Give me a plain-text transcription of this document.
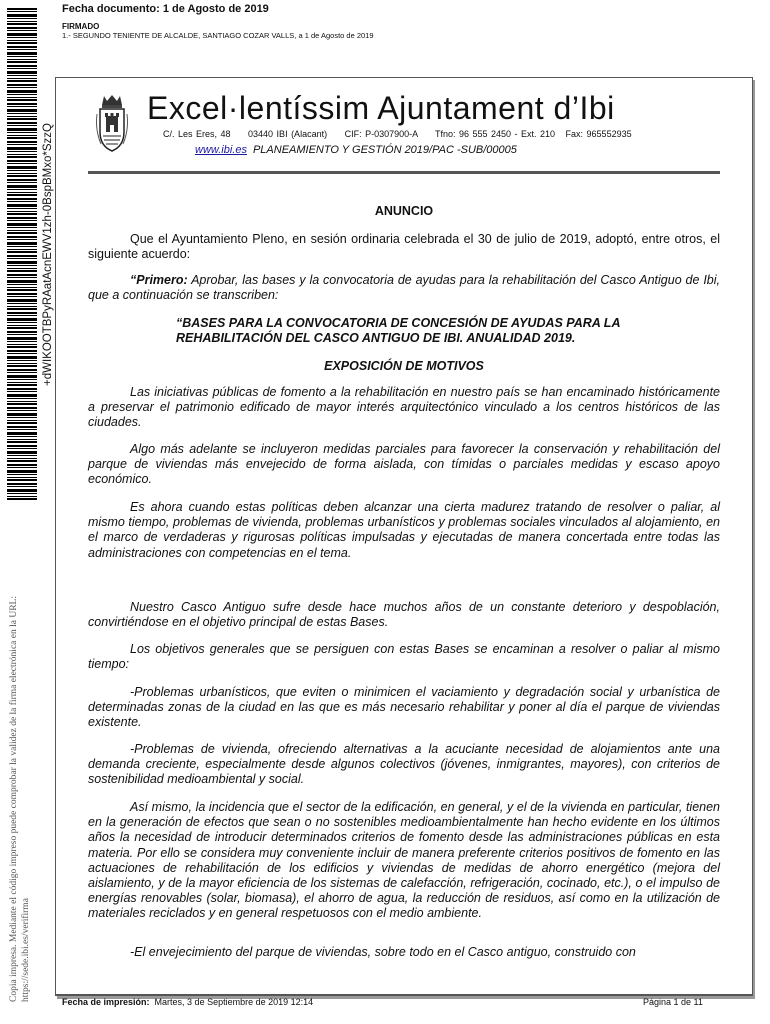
Fecha documento: 1 de Agosto de 2019
FIRMADO
1.- SEGUNDO TENIENTE DE ALCALDE, SANTIAGO COZAR VALLS, a 1 de Agosto de 2019
+dWIKOOTBPyRAatAcnEWV1zh-0BspBMxo*SzzQ
Copia impresa. Mediante el código impreso puede comprobar la validez de la firma electrónica en la URL: https://sede.ibi.es/verifirma
Excel·lentíssim Ajuntament d’Ibi
C/. Les Eres, 48     03440 IBI (Alacant)     CIF: P-0307900-A     Tfno: 96 555 2450 - Ext. 210   Fax: 965552935
www.ibi.es PLANEAMIENTO Y GESTIÓN 2019/PAC -SUB/00005
ANUNCIO
Que el Ayuntamiento Pleno, en sesión ordinaria celebrada el 30 de julio de 2019, adoptó, entre otros, el siguiente acuerdo:
“Primero: Aprobar, las bases y la convocatoria de ayudas para la rehabilitación del Casco Antiguo de Ibi, que a continuación se transcriben:
“BASES PARA LA CONVOCATORIA DE CONCESIÓN DE AYUDAS PARA LA REHABILITACIÓN DEL CASCO ANTIGUO DE IBI. ANUALIDAD 2019.
EXPOSICIÓN DE MOTIVOS
Las iniciativas públicas de fomento a la rehabilitación en nuestro país se han encaminado históricamente a preservar el patrimonio edificado de mayor interés arquitectónico vinculado a los centros históricos de las ciudades.
Algo más adelante se incluyeron medidas parciales para favorecer la conservación y rehabilitación del parque de viviendas más envejecido de forma aislada, con tímidas o parciales medidas y escaso apoyo económico.
Es ahora cuando estas políticas deben alcanzar una cierta madurez tratando de resolver o paliar, al mismo tiempo, problemas de vivienda, problemas urbanísticos y problemas sociales vinculados al alojamiento, en el marco de verdaderas y rigurosas políticas impulsadas y ejecutadas de manera concertada entre todas las administraciones con competencias en el tema.
Nuestro Casco Antiguo sufre desde hace muchos años de un constante deterioro y despoblación, convirtiéndose en el objetivo principal de estas Bases.
Los objetivos generales que se persiguen con estas Bases se encaminan a resolver o paliar al mismo tiempo:
-Problemas urbanísticos, que eviten o minimicen el vaciamiento y degradación social y urbanística de determinadas zonas de la ciudad en las que es más necesario rehabilitar y poner al día el parque de viviendas existente.
-Problemas de vivienda, ofreciendo alternativas a la acuciante necesidad de alojamientos ante una demanda creciente, especialmente desde algunos colectivos (jóvenes, inmigrantes, mayores), con criterios de sostenibilidad medioambiental y social.
Así mismo, la incidencia que el sector de la edificación, en general, y el de la vivienda en particular, tienen en la generación de efectos que sean o no sostenibles medioambientalmente han hecho evidente en los últimos años la necesidad de introducir determinados criterios de fomento desde las administraciones públicas en esta materia. Por ello se considera muy conveniente incluir de manera preferente criterios positivos de fomento en las actuaciones de rehabilitación de los edificios y viviendas de medidas de ahorro energético (mejora del aislamiento, y de la mayor eficiencia de los sistemas de calefacción, refrigeración, cocinado, etc.), o el impulso de energías renovables (solar, biomasa), el ahorro de agua, la reducción de residuos, así como en la utilización de materiales reciclados y en general respetuosos con el medio ambiente.
-El envejecimiento del parque de viviendas, sobre todo en el Casco antiguo, construido con
Fecha de impresión: Martes, 3 de Septiembre de 2019 12:14	Página 1 de 11
